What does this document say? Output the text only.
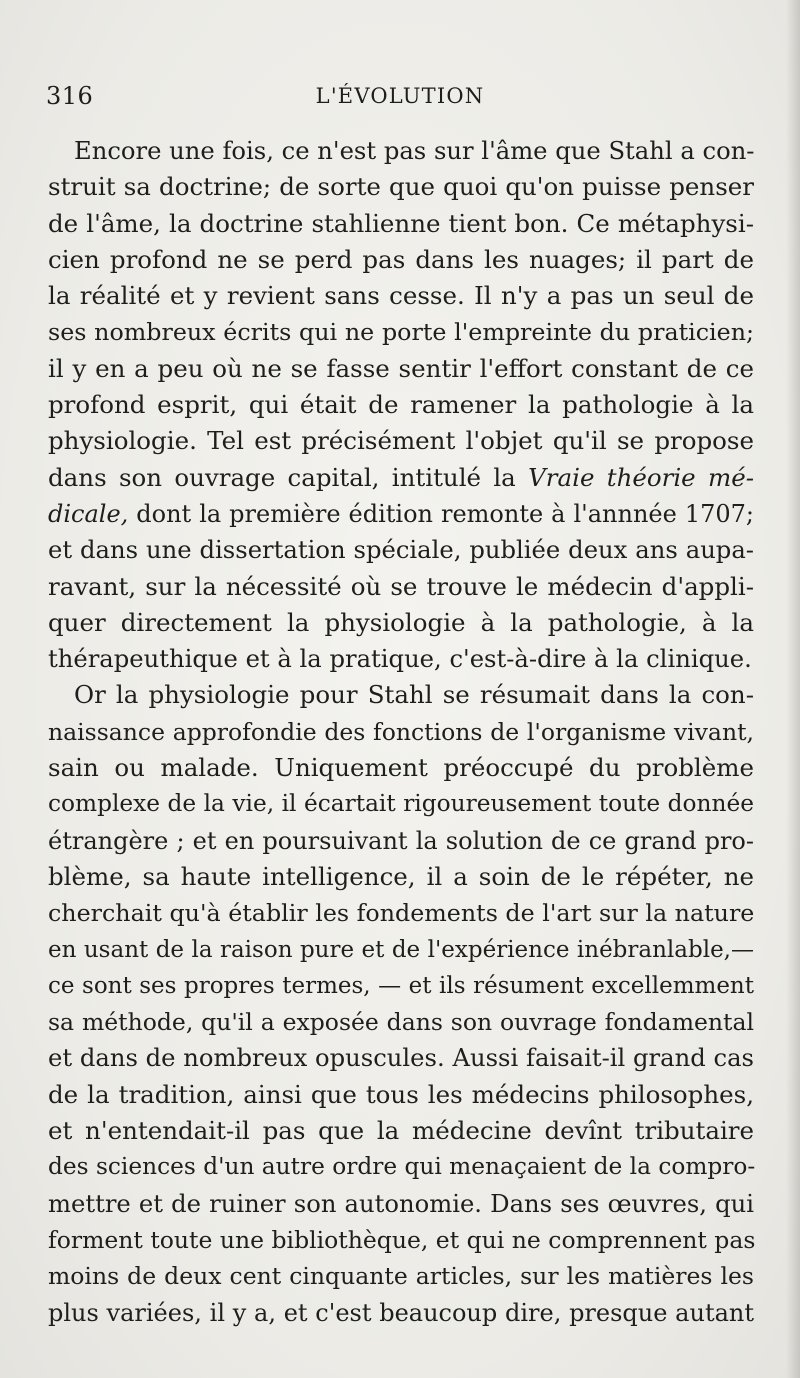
316	L'ÉVOLUTION
Encore une fois, ce n'est pas sur l'âme que Stahl a con-
struit sa doctrine; de sorte que quoi qu'on puisse penser
de l'âme, la doctrine stahlienne tient bon. Ce métaphysi-
cien profond ne se perd pas dans les nuages; il part de
la réalité et y revient sans cesse. Il n'y a pas un seul de
ses nombreux écrits qui ne porte l'empreinte du praticien;
il y en a peu où ne se fasse sentir l'effort constant de ce
profond esprit, qui était de ramener la pathologie à la
physiologie. Tel est précisément l'objet qu'il se propose
dans son ouvrage capital, intitulé la Vraie théorie mé-
dicale, dont la première édition remonte à l'annnée 1707;
et dans une dissertation spéciale, publiée deux ans aupa-
ravant, sur la nécessité où se trouve le médecin d'appli-
quer directement la physiologie à la pathologie, à la
thérapeuthique et à la pratique, c'est-à-dire à la clinique.
Or la physiologie pour Stahl se résumait dans la con-
naissance approfondie des fonctions de l'organisme vivant,
sain ou malade. Uniquement préoccupé du problème
complexe de la vie, il écartait rigoureusement toute donnée
étrangère ; et en poursuivant la solution de ce grand pro-
blème, sa haute intelligence, il a soin de le répéter, ne
cherchait qu'à établir les fondements de l'art sur la nature
en usant de la raison pure et de l'expérience inébranlable,—
ce sont ses propres termes, — et ils résument excellemment
sa méthode, qu'il a exposée dans son ouvrage fondamental
et dans de nombreux opuscules. Aussi faisait-il grand cas
de la tradition, ainsi que tous les médecins philosophes,
et n'entendait-il pas que la médecine devînt tributaire
des sciences d'un autre ordre qui menaçaient de la compro-
mettre et de ruiner son autonomie. Dans ses œuvres, qui
forment toute une bibliothèque, et qui ne comprennent pas
moins de deux cent cinquante articles, sur les matières les
plus variées, il y a, et c'est beaucoup dire, presque autant
